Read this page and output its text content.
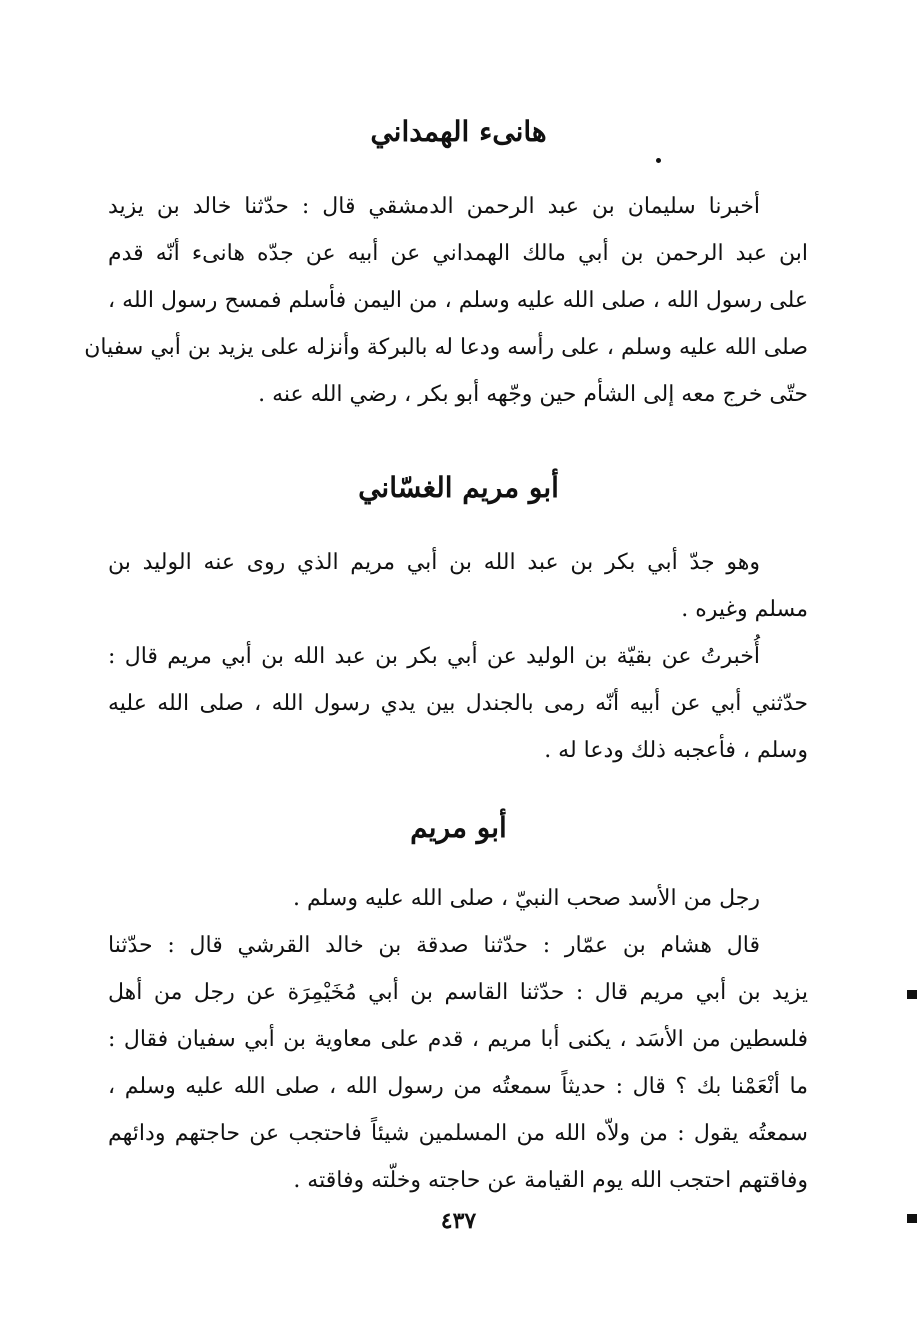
هانىء الهمداني
أخبرنا سليمان بن عبد الرحمن الدمشقي قال : حدّثنا خالد بن يزيد
ابن عبد الرحمن بن أبي مالك الهمداني عن أبيه عن جدّه هانىء أنّه قدم
على رسول الله ، صلى الله عليه وسلم ، من اليمن فأسلم فمسح رسول الله ،
صلى الله عليه وسلم ، على رأسه ودعا له بالبركة وأنزله على يزيد بن أبي سفيان
حتّى خرج معه إلى الشأم حين وجّهه أبو بكر ، رضي الله عنه .
أبو مريم الغسّاني
وهو جدّ أبي بكر بن عبد الله بن أبي مريم الذي روى عنه الوليد بن
مسلم وغيره .
أُخبرتُ عن بقيّة بن الوليد عن أبي بكر بن عبد الله بن أبي مريم قال :
حدّثني أبي عن أبيه أنّه رمى بالجندل بين يدي رسول الله ، صلى الله عليه
وسلم ، فأعجبه ذلك ودعا له .
أبو مريم
رجل من الأسد صحب النبيّ ، صلى الله عليه وسلم .
قال هشام بن عمّار : حدّثنا صدقة بن خالد القرشي قال : حدّثنا
يزيد بن أبي مريم قال : حدّثنا القاسم بن أبي مُخَيْمِرَة عن رجل من أهل
فلسطين من الأسَد ، يكنى أبا مريم ، قدم على معاوية بن أبي سفيان فقال :
ما أنْعَمْنا بك ؟ قال : حديثاً سمعتُه من رسول الله ، صلى الله عليه وسلم ،
سمعتُه يقول : من ولاّه الله من المسلمين شيئاً فاحتجب عن حاجتهم ودائهم
وفاقتهم احتجب الله يوم القيامة عن حاجته وخلّته وفاقته .
٤٣٧
